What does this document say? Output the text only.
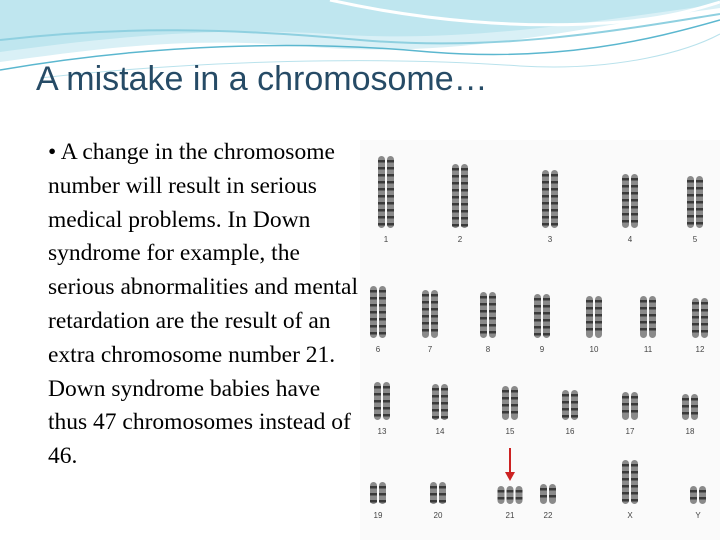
A mistake in a chromosome…
• A change in the chromosome number will result in serious medical problems. In Down syndrome for example, the serious abnormalities and mental retardation are the result of an extra chromosome number 21. Down syndrome babies have thus 47 chromosomes instead of 46.
1	2	3	4	5
6	7	8	9	10	11	12
13	14	15	16	17	18
19	20	21	22	X	Y
